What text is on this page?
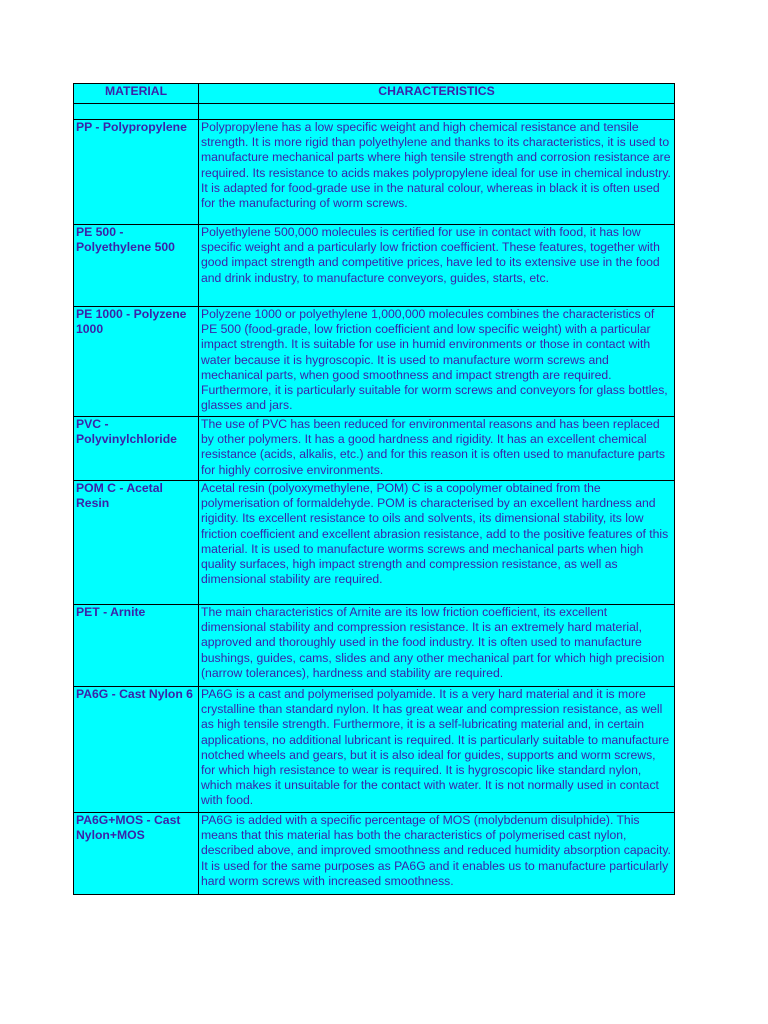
MATERIAL	CHARACTERISTICS

PP - Polypropylene	Polypropylene has a low specific weight and high chemical resistance and tensile strength. It is more rigid than polyethylene and thanks to its characteristics, it is used to manufacture mechanical parts where high tensile strength and corrosion resistance are required. Its resistance to acids makes polypropylene ideal for use in chemical industry. It is adapted for food-grade use in the natural colour, whereas in black it is often used for the manufacturing of worm screws.
PE 500 - Polyethylene 500	Polyethylene 500,000 molecules is certified for use in contact with food, it has low specific weight and a particularly low friction coefficient. These features, together with good impact strength and competitive prices, have led to its extensive use in the food and drink industry, to manufacture conveyors, guides, starts, etc.
PE 1000 - Polyzene 1000	Polyzene 1000 or polyethylene 1,000,000 molecules combines the characteristics of PE 500 (food-grade, low friction coefficient and low specific weight) with a particular impact strength. It is suitable for use in humid environments or those in contact with water because it is hygroscopic. It is used to manufacture worm screws and mechanical parts, when good smoothness and impact strength are required. Furthermore, it is particularly suitable for worm screws and conveyors for glass bottles, glasses and jars.
PVC - Polyvinylchloride	The use of PVC has been reduced for environmental reasons and has been replaced by other polymers. It has a good hardness and rigidity. It has an excellent chemical resistance (acids, alkalis, etc.) and for this reason it is often used to manufacture parts for highly corrosive environments.
POM C - Acetal Resin	Acetal resin (polyoxymethylene, POM) C is a copolymer obtained from the polymerisation of formaldehyde. POM is characterised by an excellent hardness and rigidity. Its excellent resistance to oils and solvents, its dimensional stability, its low friction coefficient and excellent abrasion resistance, add to the positive features of this material. It is used to manufacture worms screws and mechanical parts when high quality surfaces, high impact strength and compression resistance, as well as dimensional stability are required.
PET - Arnite	The main characteristics of Arnite are its low friction coefficient, its excellent dimensional stability and compression resistance. It is an extremely hard material, approved and thoroughly used in the food industry. It is often used to manufacture bushings, guides, cams, slides and any other mechanical part for which high precision (narrow tolerances), hardness and stability are required.
PA6G - Cast Nylon 6	PA6G is a cast and polymerised polyamide. It is a very hard material and it is more crystalline than standard nylon. It has great wear and compression resistance, as well as high tensile strength. Furthermore, it is a self-lubricating material and, in certain applications, no additional lubricant is required. It is particularly suitable to manufacture notched wheels and gears, but it is also ideal for guides, supports and worm screws, for which high resistance to wear is required. It is hygroscopic like standard nylon, which makes it unsuitable for the contact with water. It is not normally used in contact with food.
PA6G+MOS - Cast Nylon+MOS	PA6G is added with a specific percentage of MOS (molybdenum disulphide). This means that this material has both the characteristics of polymerised cast nylon, described above, and improved smoothness and reduced humidity absorption capacity. It is used for the same purposes as PA6G and it enables us to manufacture particularly hard worm screws with increased smoothness.
